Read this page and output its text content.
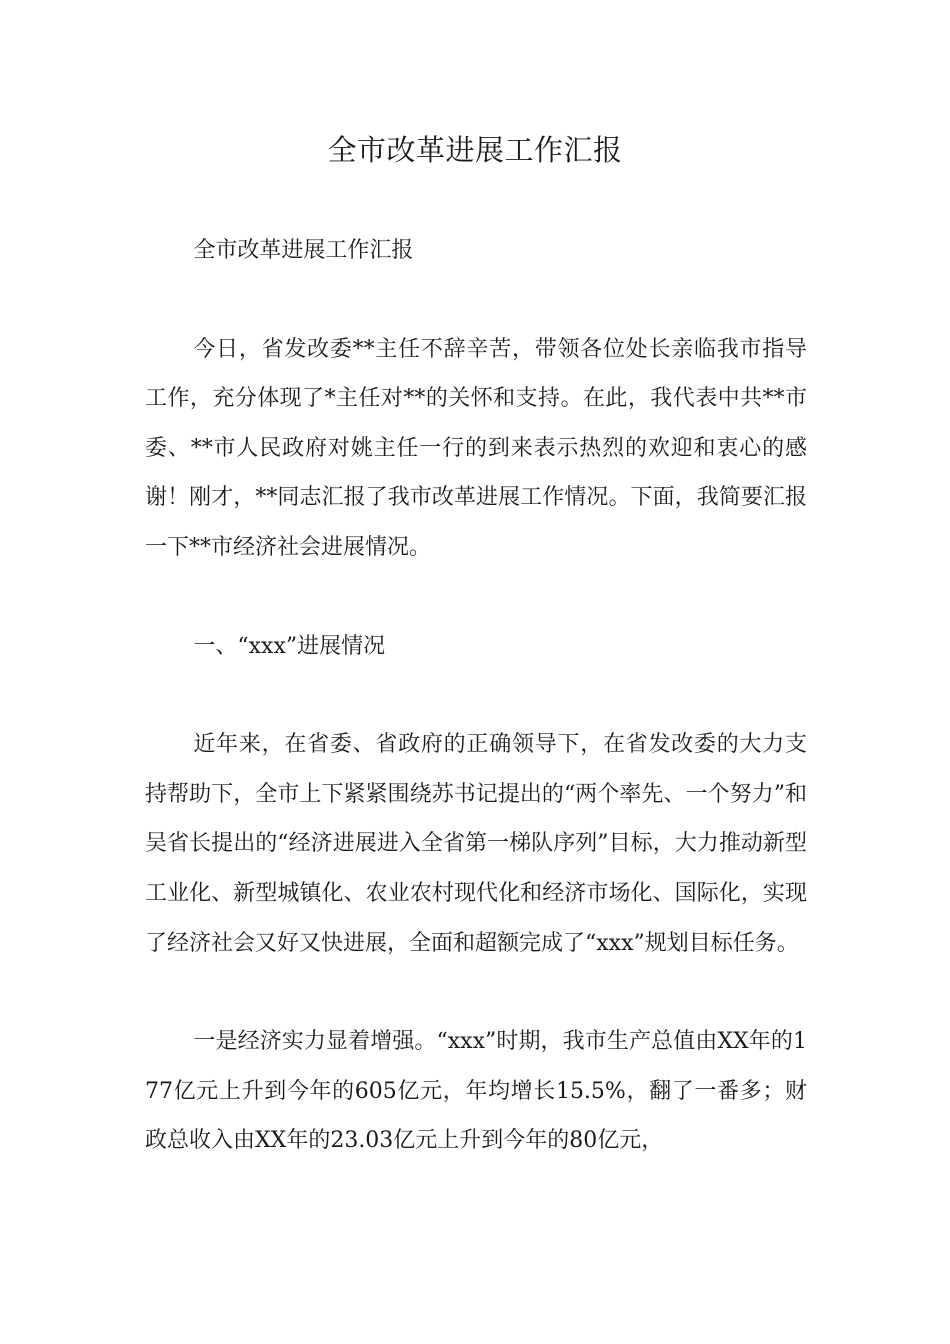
全市改革进展工作汇报

全市改革进展工作汇报

今日，省发改委**主任不辞辛苦，带领各位处长亲临我市指导工作，充分体现了*主任对**的关怀和支持。在此，我代表中共**市委、**市人民政府对姚主任一行的到来表示热烈的欢迎和衷心的感谢！刚才，**同志汇报了我市改革进展工作情况。下面，我简要汇报一下**市经济社会进展情况。

一、“xxx”进展情况

近年来，在省委、省政府的正确领导下，在省发改委的大力支持帮助下，全市上下紧紧围绕苏书记提出的“两个率先、一个努力”和吴省长提出的“经济进展进入全省第一梯队序列”目标，大力推动新型工业化、新型城镇化、农业农村现代化和经济市场化、国际化，实现了经济社会又好又快进展，全面和超额完成了“xxx”规划目标任务。

一是经济实力显着增强。“xxx”时期，我市生产总值由XX年的177亿元上升到今年的605亿元，年均增长15.5%，翻了一番多；财政总收入由XX年的23.03亿元上升到今年的80亿元，
